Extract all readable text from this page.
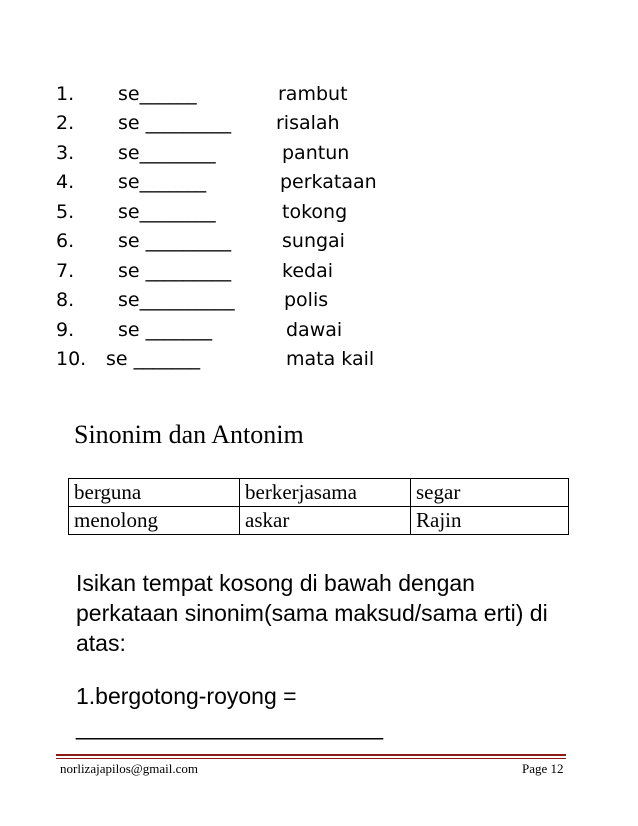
1. se______	rambut
2. se _________ risalah
3. se________	pantun
4. se_______	perkataan
5. se________	tokong
6. se _________	sungai
7. se _________	kedai
8. se__________	polis
9. se _______	dawai
10. se _______	mata kail
Sinonim dan Antonim
berguna	berkerjasama	segar
menolong	askar	Rajin
Isikan tempat kosong di bawah dengan perkataan sinonim(sama maksud/sama erti) di atas:
1.bergotong-royong =
________________________
norlizajapilos@gmail.com	Page 12
